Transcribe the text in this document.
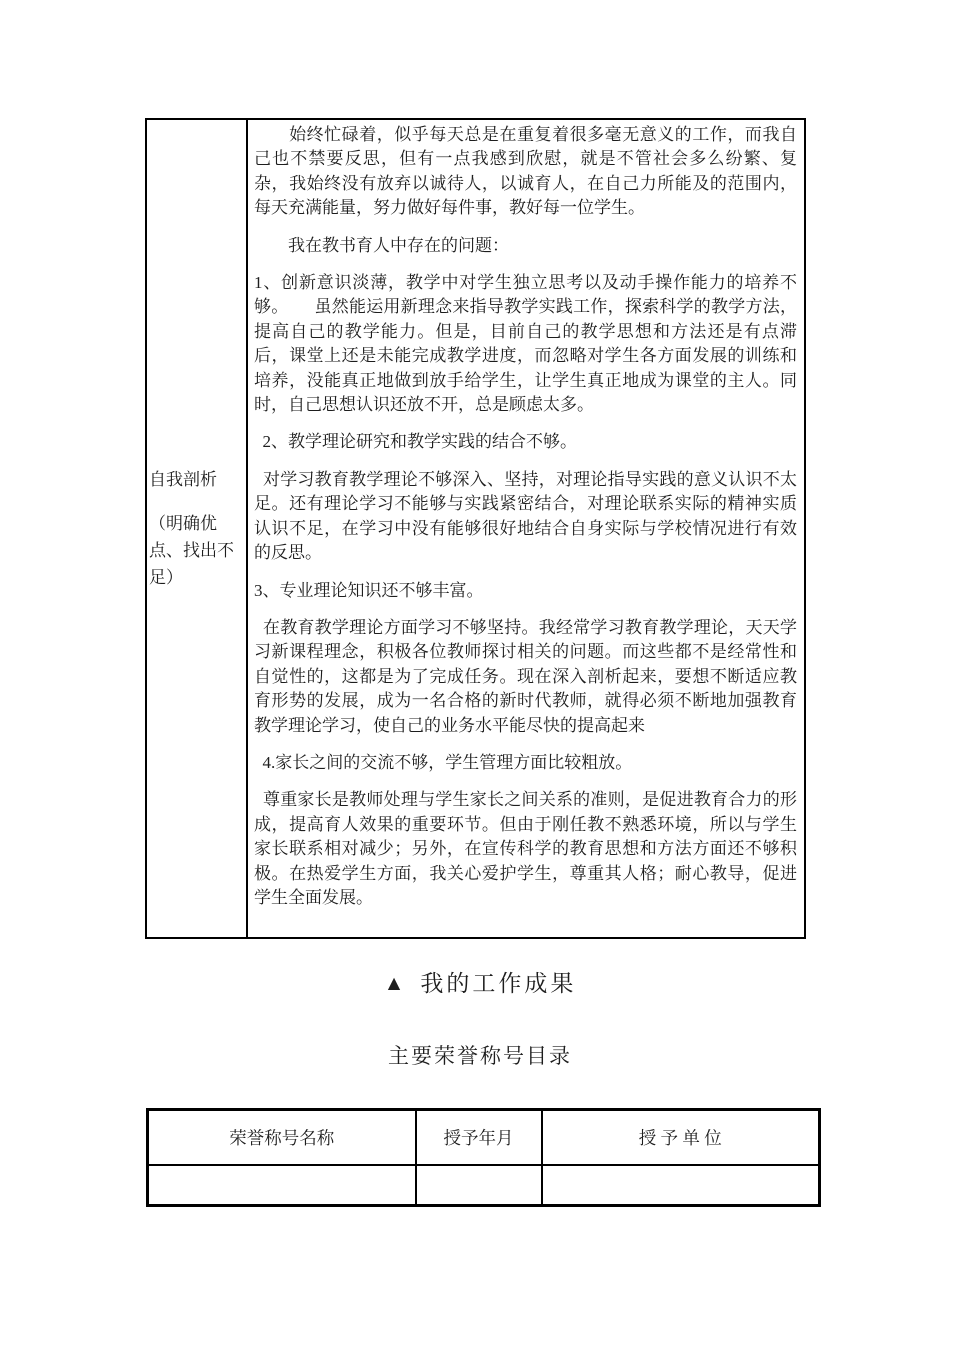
自我剖析

（明确优点、找出不足）

　　始终忙碌着，似乎每天总是在重复着很多毫无意义的工作，而我自己也不禁要反思，但有一点我感到欣慰，就是不管社会多么纷繁、复杂，我始终没有放弃以诚待人，以诚育人，在自己力所能及的范围内，每天充满能量，努力做好每件事，教好每一位学生。

　　我在教书育人中存在的问题：

1、创新意识淡薄，教学中对学生独立思考以及动手操作能力的培养不够。　　虽然能运用新理念来指导教学实践工作，探索科学的教学方法，提高自己的教学能力。但是，目前自己的教学思想和方法还是有点滞后，课堂上还是未能完成教学进度，而忽略对学生各方面发展的训练和培养，没能真正地做到放手给学生，让学生真正地成为课堂的主人。同时，自己思想认识还放不开，总是顾虑太多。

2、教学理论研究和教学实践的结合不够。

对学习教育教学理论不够深入、坚持，对理论指导实践的意义认识不太足。还有理论学习不能够与实践紧密结合，对理论联系实际的精神实质认识不足，在学习中没有能够很好地结合自身实际与学校情况进行有效的反思。

3、专业理论知识还不够丰富。

在教育教学理论方面学习不够坚持。我经常学习教育教学理论，天天学习新课程理念，积极各位教师探讨相关的问题。而这些都不是经常性和自觉性的，这都是为了完成任务。现在深入剖析起来，要想不断适应教育形势的发展，成为一名合格的新时代教师，就得必须不断地加强教育教学理论学习，使自己的业务水平能尽快的提高起来

4.家长之间的交流不够，学生管理方面比较粗放。

尊重家长是教师处理与学生家长之间关系的准则，是促进教育合力的形成，提高育人效果的重要环节。但由于刚任教不熟悉环境，所以与学生家长联系相对减少；另外，在宣传科学的教育思想和方法方面还不够积极。在热爱学生方面，我关心爱护学生，尊重其人格；耐心教导，促进学生全面发展。

▲ 我的工作成果
主要荣誉称号目录
荣誉称号名称	授予年月	授 予 单 位
